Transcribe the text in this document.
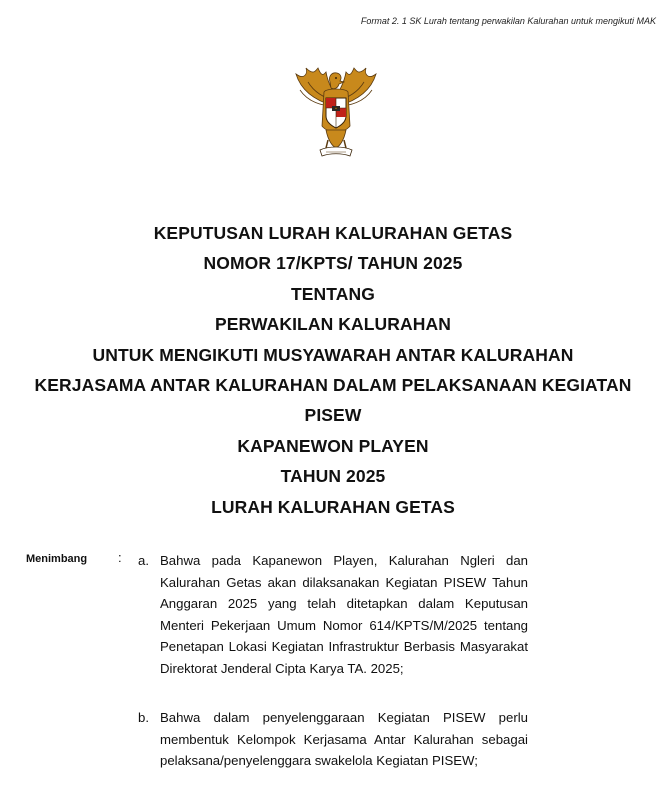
Format 2. 1 SK Lurah tentang perwakilan Kalurahan untuk mengikuti MAK
KEPUTUSAN LURAH KALURAHAN GETAS
NOMOR 17/KPTS/ TAHUN 2025
TENTANG
PERWAKILAN KALURAHAN
UNTUK MENGIKUTI MUSYAWARAH ANTAR KALURAHAN
KERJASAMA ANTAR KALURAHAN DALAM PELAKSANAAN KEGIATAN
PISEW
KAPANEWON PLAYEN
TAHUN 2025
LURAH KALURAHAN GETAS
Menimbang : a. Bahwa pada Kapanewon Playen, Kalurahan Ngleri dan Kalurahan Getas akan dilaksanakan Kegiatan PISEW Tahun Anggaran 2025 yang telah ditetapkan dalam Keputusan Menteri Pekerjaan Umum Nomor 614/KPTS/M/2025 tentang Penetapan Lokasi Kegiatan Infrastruktur Berbasis Masyarakat Direktorat Jenderal Cipta Karya TA. 2025;
b. Bahwa dalam penyelenggaraan Kegiatan PISEW perlu membentuk Kelompok Kerjasama Antar Kalurahan sebagai pelaksana/penyelenggara swakelola Kegiatan PISEW;
